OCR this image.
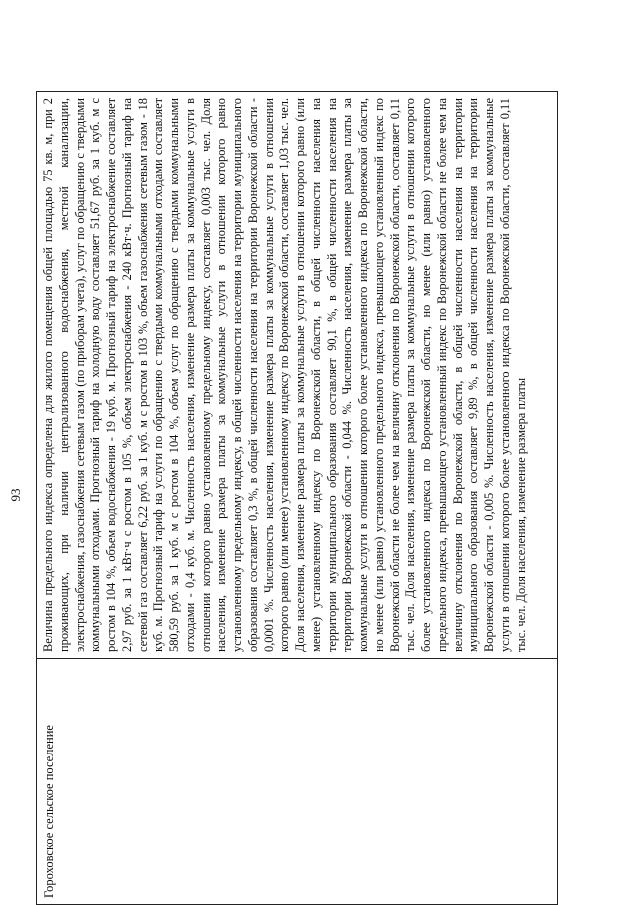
93
Гороховское сельское поселение
Величина предельного индекса определена для жилого помещения общей площадью 75 кв. м, при 2 проживающих, при наличии централизованного водоснабжения, местной канализации, электроснабжения, газоснабжения сетевым газом (по приборам учета), услуг по обращению с твердыми коммунальными отходами. Прогнозный тариф на холодную воду составляет 51,67 руб. за 1 куб. м с ростом в 104 %, объем водоснабжения - 19 куб. м. Прогнозный тариф на электроснабжение составляет 2,97 руб. за 1 кВт·ч с ростом в 105 %, объем электроснабжения - 240 кВт·ч. Прогнозный тариф на сетевой газ составляет 6,22 руб. за 1 куб. м с ростом в 103 %, объем газоснабжения сетевым газом - 18 куб. м. Прогнозный тариф на услуги по обращению с твердыми коммунальными отходами составляет 580,59 руб. за 1 куб. м с ростом в 104 %, объем услуг по обращению с твердыми коммунальными отходами - 0,4 куб. м. Численность населения, изменение размера платы за коммунальные услуги в отношении которого равно установленному предельному индексу, составляет 0,003 тыс. чел. Доля населения, изменение размера платы за коммунальные услуги в отношении которого равно установленному предельному индексу, в общей численности населения на территории муниципального образования составляет 0,3 %, в общей численности населения на территории Воронежской области - 0,0001 %. Численность населения, изменение размера платы за коммунальные услуги в отношении которого равно (или менее) установленному индексу по Воронежской области, составляет 1,03 тыс. чел. Доля населения, изменение размера платы за коммунальные услуги в отношении которого равно (или менее) установленному индексу по Воронежской области, в общей численности населения на территории муниципального образования составляет 90,1 %, в общей численности населения на территории Воронежской области - 0,044 %. Численность населения, изменение размера платы за коммунальные услуги в отношении которого более установленного индекса по Воронежской области, но менее (или равно) установленного предельного индекса, превышающего установленный индекс по Воронежской области не более чем на величину отклонения по Воронежской области, составляет 0,11 тыс. чел. Доля населения, изменение размера платы за коммунальные услуги в отношении которого более установленного индекса по Воронежской области, но менее (или равно) установленного предельного индекса, превышающего установленный индекс по Воронежской области не более чем на величину отклонения по Воронежской области, в общей численности населения на территории муниципального образования составляет 9,89 %, в общей численности населения на территории Воронежской области - 0,005 %. Численность населения, изменение размера платы за коммунальные услуги в отношении которого более установленного индекса по Воронежской области, составляет 0,11 тыс. чел. Доля населения, изменение размера платы
